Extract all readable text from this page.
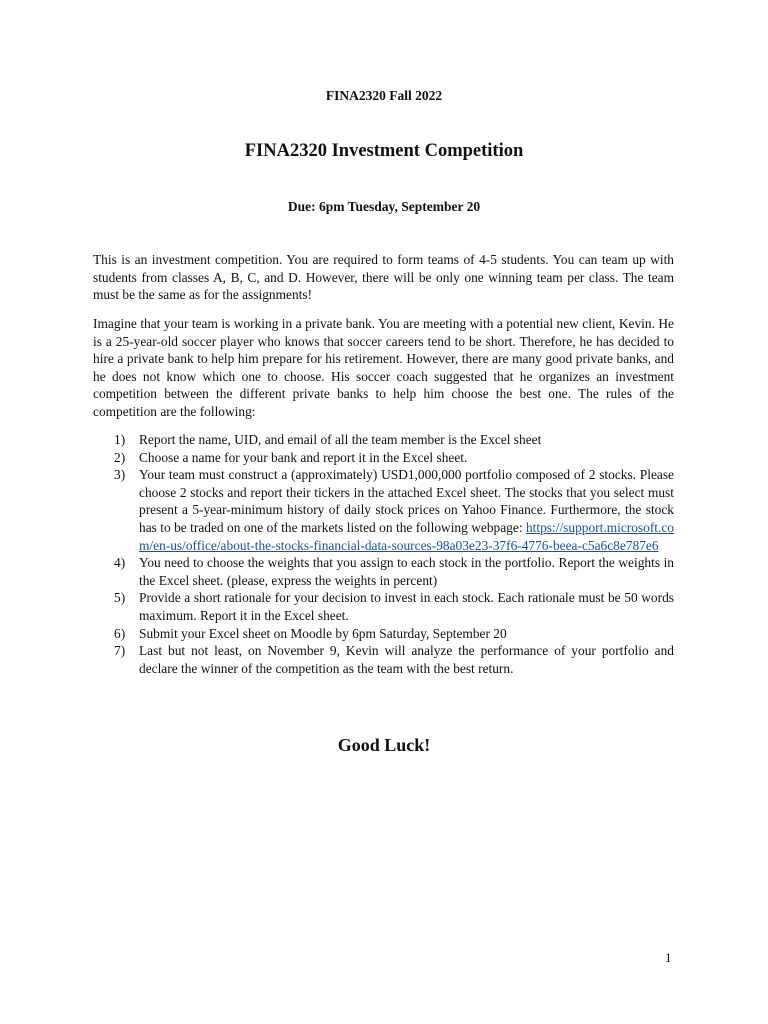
FINA2320 Fall 2022
FINA2320 Investment Competition
Due: 6pm Tuesday, September 20
This is an investment competition. You are required to form teams of 4-5 students. You can team up with students from classes A, B, C, and D. However, there will be only one winning team per class. The team must be the same as for the assignments!
Imagine that your team is working in a private bank. You are meeting with a potential new client, Kevin. He is a 25-year-old soccer player who knows that soccer careers tend to be short. Therefore, he has decided to hire a private bank to help him prepare for his retirement. However, there are many good private banks, and he does not know which one to choose. His soccer coach suggested that he organizes an investment competition between the different private banks to help him choose the best one. The rules of the competition are the following:
1) Report the name, UID, and email of all the team member is the Excel sheet
2) Choose a name for your bank and report it in the Excel sheet.
3) Your team must construct a (approximately) USD1,000,000 portfolio composed of 2 stocks. Please choose 2 stocks and report their tickers in the attached Excel sheet. The stocks that you select must present a 5-year-minimum history of daily stock prices on Yahoo Finance. Furthermore, the stock has to be traded on one of the markets listed on the following webpage: https://support.microsoft.com/en-us/office/about-the-stocks-financial-data-sources-98a03e23-37f6-4776-beea-c5a6c8e787e6
4) You need to choose the weights that you assign to each stock in the portfolio. Report the weights in the Excel sheet. (please, express the weights in percent)
5) Provide a short rationale for your decision to invest in each stock. Each rationale must be 50 words maximum. Report it in the Excel sheet.
6) Submit your Excel sheet on Moodle by 6pm Saturday, September 20
7) Last but not least, on November 9, Kevin will analyze the performance of your portfolio and declare the winner of the competition as the team with the best return.
Good Luck!
1
